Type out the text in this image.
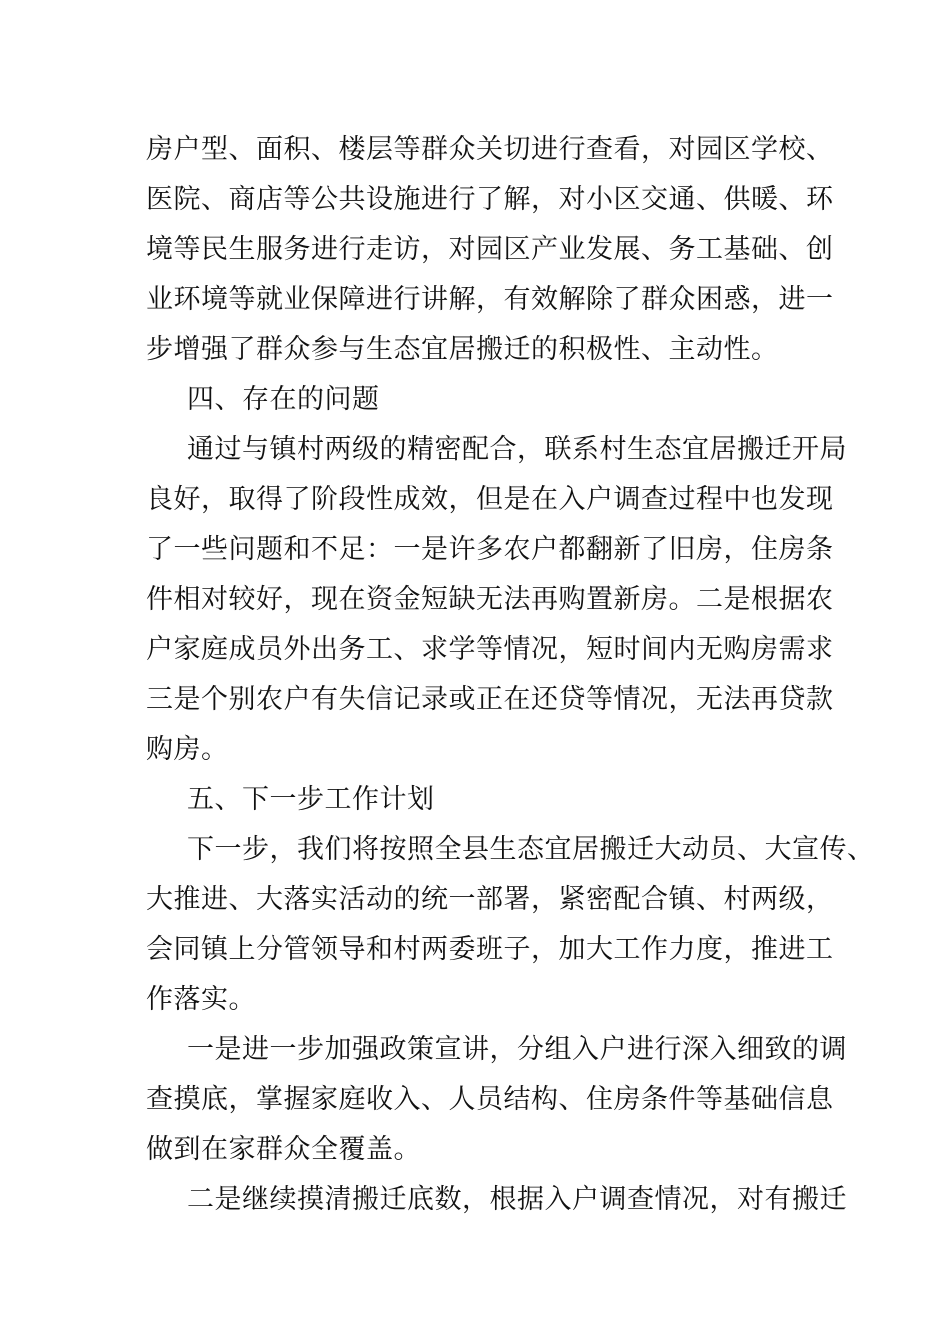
房户型、面积、楼层等群众关切进行查看，对园区学校、
医院、商店等公共设施进行了解，对小区交通、供暖、环
境等民生服务进行走访，对园区产业发展、务工基础、创
业环境等就业保障进行讲解，有效解除了群众困惑，进一
步增强了群众参与生态宜居搬迁的积极性、主动性。
四、存在的问题
通过与镇村两级的精密配合，联系村生态宜居搬迁开局
良好，取得了阶段性成效，但是在入户调查过程中也发现
了一些问题和不足：一是许多农户都翻新了旧房，住房条
件相对较好，现在资金短缺无法再购置新房。二是根据农
户家庭成员外出务工、求学等情况，短时间内无购房需求
三是个别农户有失信记录或正在还贷等情况，无法再贷款
购房。
五、下一步工作计划
下一步，我们将按照全县生态宜居搬迁大动员、大宣传、
大推进、大落实活动的统一部署，紧密配合镇、村两级，
会同镇上分管领导和村两委班子，加大工作力度，推进工
作落实。
一是进一步加强政策宣讲，分组入户进行深入细致的调
查摸底，掌握家庭收入、人员结构、住房条件等基础信息
做到在家群众全覆盖。
二是继续摸清搬迁底数，根据入户调查情况，对有搬迁
